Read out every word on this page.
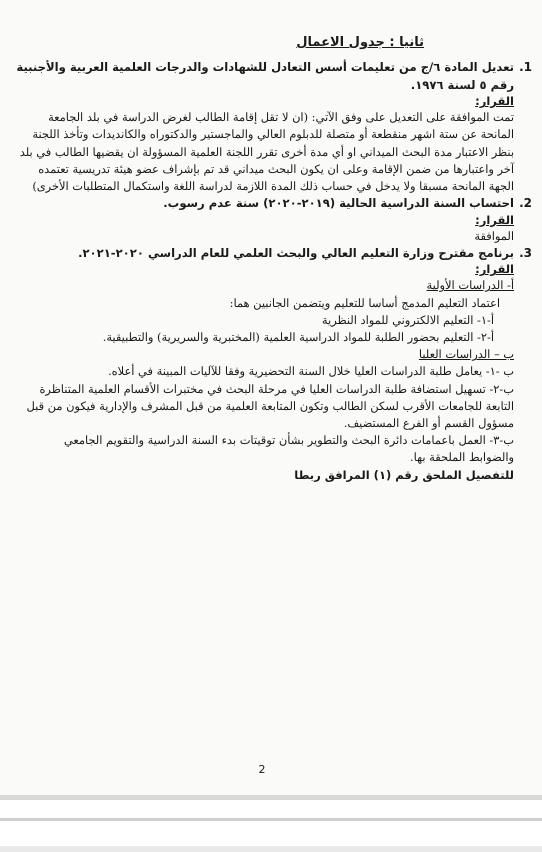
ثانيا : جدول الاعمال
1.
تعديل المادة ٦/ج من تعليمات أسس التعادل للشهادات والدرجات العلمية العربية والأجنبية رقم ٥ لسنة ١٩٧٦.
القرار:
تمت الموافقة على التعديل على وفق الآتي: (ان لا تقل إقامة الطالب لغرض الدراسة في بلد الجامعة المانحة عن ستة اشهر منقطعة أو متصلة للدبلوم العالي والماجستير والدكتوراه والكانديدات وتأخذ اللجنة بنظر الاعتبار مدة البحث الميداني او أي مدة أخرى تقرر اللجنة العلمية المسؤولة ان يقضيها الطالب في بلد آخر واعتبارها من ضمن الإقامة وعلى ان يكون البحث ميداني قد تم بإشراف عضو هيئة تدريسية تعتمده الجهة المانحة مسبقا ولا يدخل في حساب ذلك المدة اللازمة لدراسة اللغة واستكمال المتطلبات الأخرى)
2.
احتساب السنة الدراسية الحالية (٢٠١٩-٢٠٢٠) سنة عدم رسوب.
القرار:
الموافقة
3.
برنامج مقترح وزارة التعليم العالي والبحث العلمي للعام الدراسي ٢٠٢٠-٢٠٢١.
القرار:
أ- الدراسات الأولية
اعتماد التعليم المدمج أساسا للتعليم ويتضمن الجانبين هما:
أ-١- التعليم الالكتروني للمواد النظرية
أ-٢- التعليم بحضور الطلبة للمواد الدراسية العلمية (المختبرية والسريرية) والتطبيقية.
ب – الدراسات العليا
ب -١- يعامل طلبة الدراسات العليا خلال السنة التحضيرية وفقا للآليات المبينة في أعلاه.
ب-٢- تسهيل استضافة طلبة الدراسات العليا في مرحلة البحث في مختبرات الأقسام العلمية المتناظرة التابعة للجامعات الأقرب لسكن الطالب وتكون المتابعة العلمية من قبل المشرف والإدارية فيكون من قبل مسؤول القسم أو الفرع المستضيف.
ب-٣- العمل باعمامات دائرة البحث والتطوير بشأن توقيتات بدء السنة الدراسية والتقويم الجامعي والضوابط الملحقة بها.
للتفصيل الملحق رقم (١) المرافق ربطا
2
